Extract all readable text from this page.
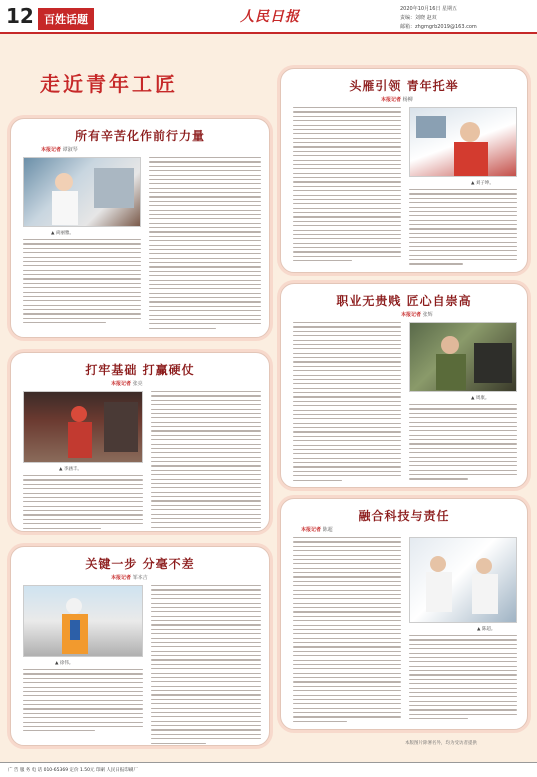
12 百姓话题	人民日报	2020年10月16日 星期五
责编：刘晓 赵双
邮箱：zhgmgrb2019@163.com
走近青年工匠
所有辛苦化作前行力量
本报记者 谭淑琴
▲ 尚丽雅。
头雁引领 青年托举
本报记者 杨柳
▲ 刘子坤。
打牢基础 打赢硬仗
本报记者 张亮
▲ 李涵丰。
职业无贵贱 匠心自崇高
本报记者 张辉
▲ 周康。
关键一步 分毫不差
本报记者 邹本吉
▲ 徐伟。
融合科技与责任
本报记者 陈超
▲ 陈超。
本版图片除署名外，均为受访者提供
广 告 服 务 电 话 010-65369 定价 1.50元 印刷 人民日报印刷厂
